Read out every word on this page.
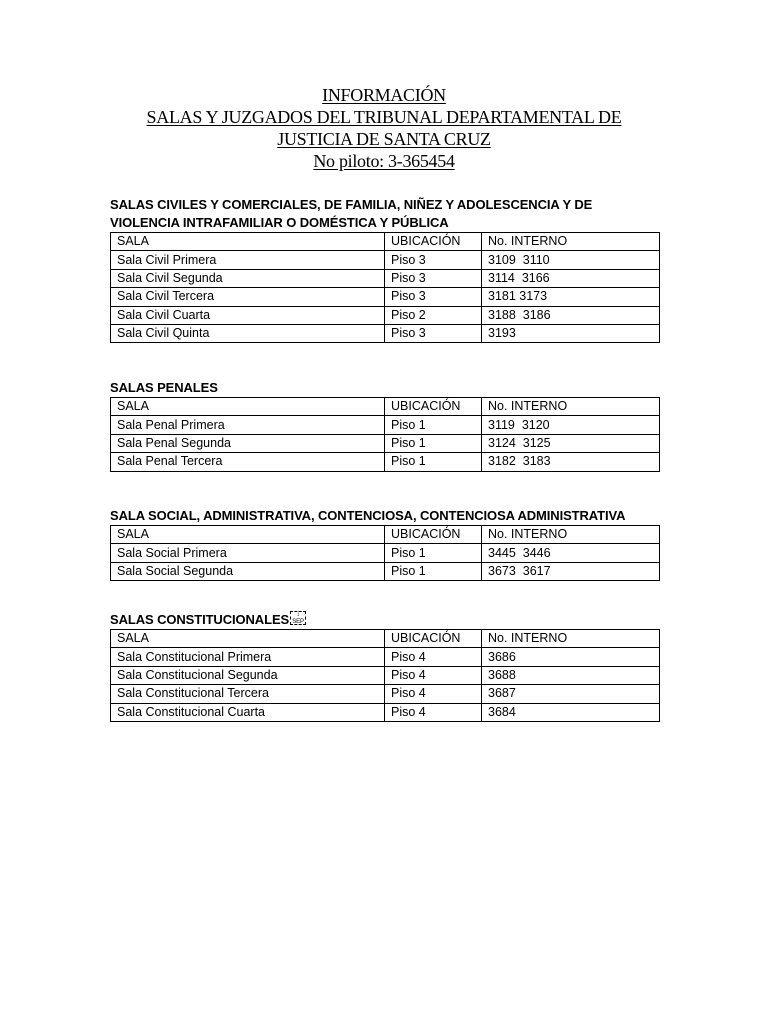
INFORMACIÓN
SALAS Y JUZGADOS DEL TRIBUNAL DEPARTAMENTAL DE
JUSTICIA DE SANTA CRUZ
No piloto: 3-365454

SALAS CIVILES Y COMERCIALES, DE FAMILIA, NIÑEZ Y ADOLESCENCIA Y DE VIOLENCIA INTRAFAMILIAR O DOMÉSTICA Y PÚBLICA

SALA	UBICACIÓN	No. INTERNO
Sala Civil Primera	Piso 3	3109  3110
Sala Civil Segunda	Piso 3	3114  3166
Sala Civil Tercera	Piso 3	3181 3173
Sala Civil Cuarta	Piso 2	3188  3186
Sala Civil Quinta	Piso 3	3193

SALAS PENALES

SALA	UBICACIÓN	No. INTERNO
Sala Penal Primera	Piso 1	3119  3120
Sala Penal Segunda	Piso 1	3124  3125
Sala Penal Tercera	Piso 1	3182  3183

SALA SOCIAL, ADMINISTRATIVA, CONTENCIOSA, CONTENCIOSA ADMINISTRATIVA

SALA	UBICACIÓN	No. INTERNO
Sala Social Primera	Piso 1	3445  3446
Sala Social Segunda	Piso 1	3673  3617

SALAS CONSTITUCIONALES ↕
SEP

SALA	UBICACIÓN	No. INTERNO
Sala Constitucional Primera	Piso 4	3686
Sala Constitucional Segunda	Piso 4	3688
Sala Constitucional Tercera	Piso 4	3687
Sala Constitucional Cuarta	Piso 4	3684
